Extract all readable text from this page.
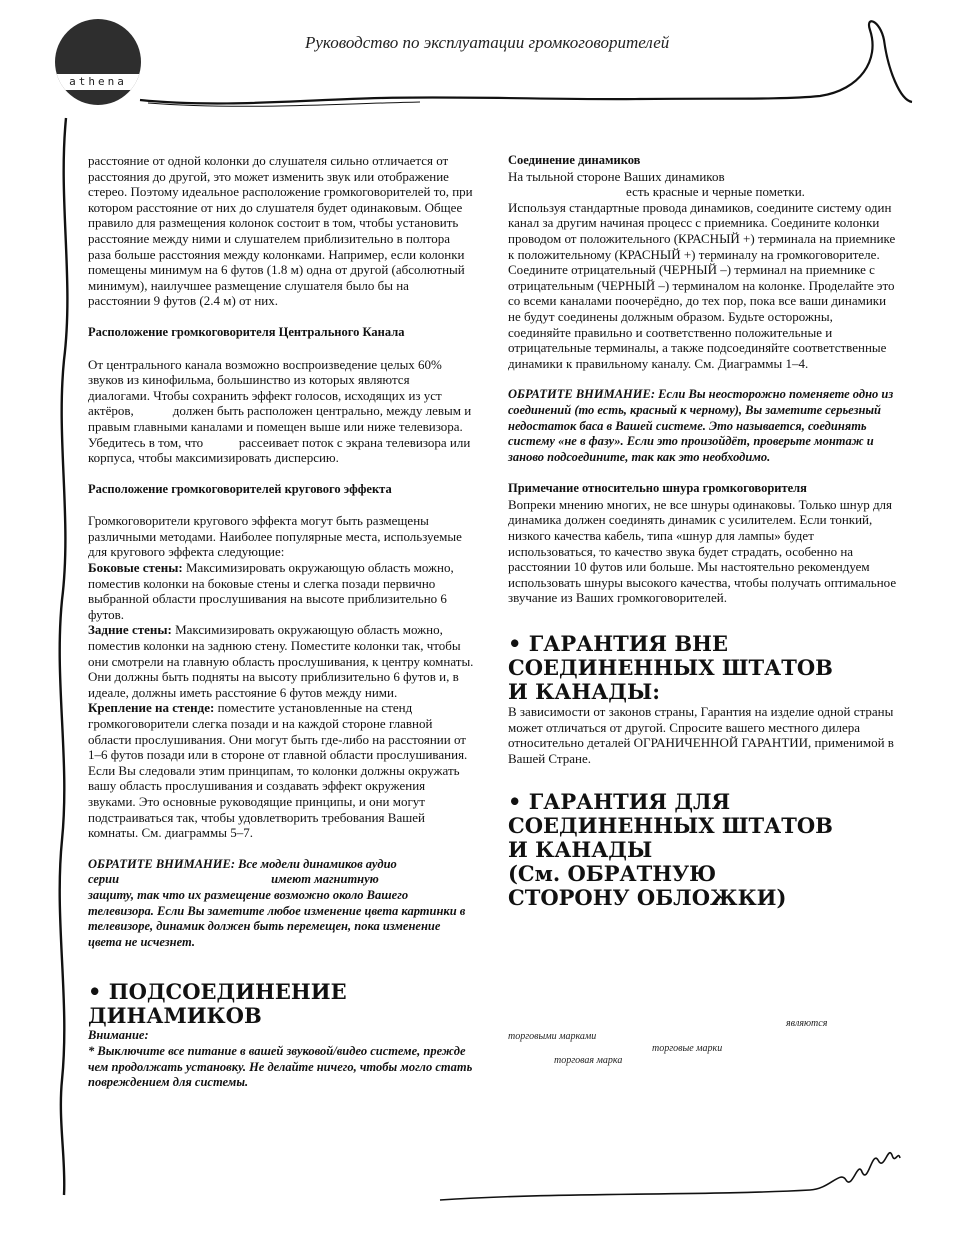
athena
Руководство по эксплуатации громкоговорителей

расстояние от одной колонки до слушателя сильно отличается от расстояния до другой, это может изменить звук или отображение стерео. Поэтому идеальное расположение громкоговорителей то, при котором расстояние от них до слушателя будет одинаковым. Общее правило для размещения колонок состоит в том, чтобы установить расстояние между ними и слушателем приблизительно в полтора раза больше расстояния между колонками. Например, если колонки помещены минимум на 6 футов (1.8 м) одна от другой (абсолютный минимум), наилучшее размещение слушателя было бы на расстоянии 9 футов (2.4 м) от них.

Расположение громкоговорителя Центрального Канала

От центрального канала возможно воспроизведение целых 60% звуков из кинофильма, большинство из которых являются диалогами. Чтобы сохранить эффект голосов, исходящих из уст актёров,            должен быть расположен центрально, между левым и правым главными каналами и помещен выше или ниже телевизора. Убедитесь в том, что           рассеивает поток с экрана телевизора или корпуса, чтобы максимизировать дисперсию.

Расположение громкоговорителей кругового эффекта

Громкоговорители кругового эффекта могут быть размещены различными методами. Наиболее популярные места, используемые для кругового эффекта следующие:

Боковые стены: Максимизировать окружающую область можно, поместив колонки на боковые стены и слегка позади первично выбранной области прослушивания на высоте приблизительно 6 футов.

Задние стены: Максимизировать окружающую область можно, поместив колонки на заднюю стену. Поместите колонки так, чтобы они смотрели на главную область прослушивания, к центру комнаты. Они должны быть подняты на высоту приблизительно 6 футов и, в идеале, должны иметь расстояние 6 футов между ними.

Крепление на стенде: поместите установленные на стенд громкоговорители слегка позади и на каждой стороне главной области прослушивания. Они могут быть где-либо на расстоянии от 1–6 футов позади или в стороне от главной области прослушивания.

Если Вы следовали этим принципам, то колонки должны окружать вашу область прослушивания и создавать эффект окружения звуками. Это основные руководящие принципы, и они могут подстраиваться так, чтобы удовлетворить требования Вашей комнаты. См. диаграммы 5–7.

ОБРАТИТЕ ВНИМАНИЕ: Все модели динамиков аудио

серии	имеют магнитную

защиту, так что их размещение возможно около Вашего телевизора. Если Вы заметите любое изменение цвета картинки в телевизоре, динамик должен быть перемещен, пока изменение цвета не исчезнет.

• ПОДСОЕДИНЕНИЕ ДИНАМИКОВ

Внимание:

* Выключите все питание в вашей звуковой/видео системе, прежде чем продолжать установку. Не делайте ничего, чтобы могло стать повреждением для системы.

Соединение динамиков

На тыльной стороне Ваших динамиков

есть красные и черные пометки.

Используя стандартные провода динамиков, соедините систему один канал за другим начиная процесс с приемника. Соедините колонки проводом от положительного (КРАСНЫЙ +) терминала на приемнике к положительному (КРАСНЫЙ +) терминалу на громкоговорителе. Соедините отрицательный (ЧЕРНЫЙ –) терминал на приемнике с отрицательным (ЧЕРНЫЙ –) терминалом на колонке. Проделайте это со всеми каналами поочерёдно, до тех пор, пока все ваши динамики не будут соединены должным образом. Будьте осторожны, соединяйте правильно и соответственно положительные и отрицательные терминалы, а также подсоединяйте соответственные динамики к правильному каналу. См. Диаграммы 1–4.

ОБРАТИТЕ ВНИМАНИЕ: Если Вы неосторожно поменяете одно из соединений (то есть, красный к черному), Вы заметите серьезный недостаток баса в Вашей системе. Это называется, соединять систему «не в фазу». Если это произойдёт, проверьте монтаж и заново подсоедините, так как это необходимо.

Примечание относительно шнура громкоговорителя

Вопреки мнению многих, не все шнуры одинаковы. Только шнур для динамика должен соединять динамик с усилителем. Если тонкий, низкого качества кабель, типа «шнур для лампы» будет использоваться, то качество звука будет страдать, особенно на расстоянии 10 футов или больше. Мы настоятельно рекомендуем использовать шнуры высокого качества, чтобы получать оптимальное звучание из Ваших громкоговорителей.

• ГАРАНТИЯ ВНЕ СОЕДИНЕННЫХ ШТАТОВ И КАНАДЫ:

В зависимости от законов страны, Гарантия на изделие одной страны может отличаться от другой. Спросите вашего местного дилера относительно деталей ОГРАНИЧЕННОЙ ГАРАНТИИ, применимой в Вашей Стране.

• ГАРАНТИЯ ДЛЯ СОЕДИНЕННЫХ ШТАТОВ И КАНАДЫ

(См. ОБРАТНУЮ СТОРОНУ ОБЛОЖКИ)

являются
торговыми марками
торговые марки
торговая марка
